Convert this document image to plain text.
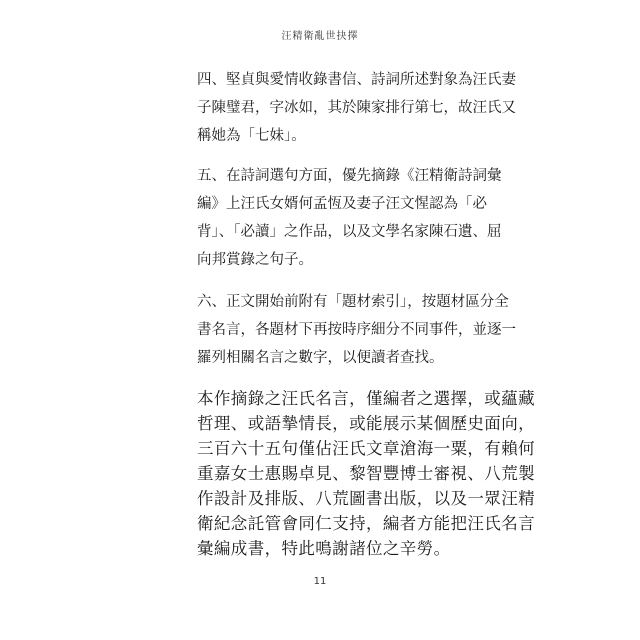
汪精衛亂世抉擇

四、堅貞與愛情收錄書信、詩詞所述對象為汪氏妻
子陳璧君，字冰如，其於陳家排行第七，故汪氏又
稱她為「七妹」。

五、在詩詞選句方面，優先摘錄《汪精衛詩詞彙
編》上汪氏女婿何孟恆及妻子汪文惺認為「必
背」、「必讀」之作品，以及文學名家陳石遺、屈
向邦賞錄之句子。

六、正文開始前附有「題材索引」，按題材區分全
書名言，各題材下再按時序細分不同事件，並逐一
羅列相關名言之數字，以便讀者查找。

本作摘錄之汪氏名言，僅編者之選擇，或蘊藏
哲理、或語摯情長，或能展示某個歷史面向，
三百六十五句僅佔汪氏文章滄海一粟，有賴何
重嘉女士惠賜卓見、黎智豐博士審視、八荒製
作設計及排版、八荒圖書出版，以及一眾汪精
衛紀念託管會同仁支持，編者方能把汪氏名言
彙編成書，特此鳴謝諸位之辛勞。

11
